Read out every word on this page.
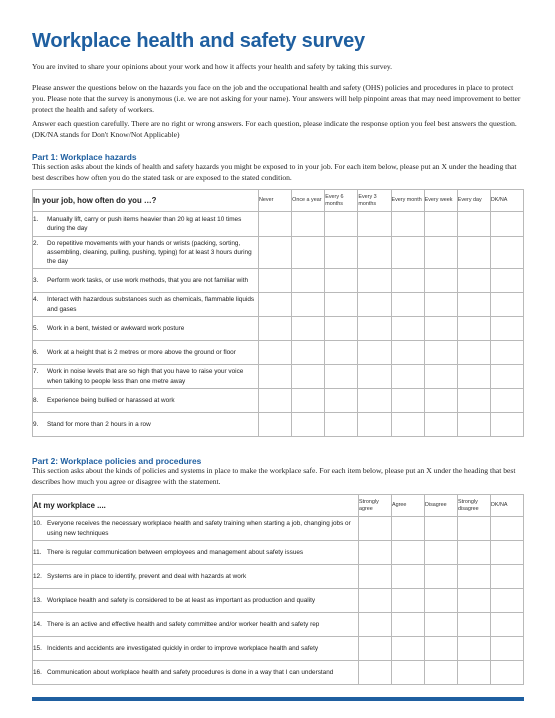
Workplace health and safety survey

You are invited to share your opinions about your work and how it affects your health and safety by taking this survey.

Please answer the questions below on the hazards you face on the job and the occupational health and safety (OHS) policies and procedures in place to protect you. Please note that the survey is anonymous (i.e. we are not asking for your name). Your answers will help pinpoint areas that may need improvement to better protect the health and safety of workers.

Answer each question carefully. There are no right or wrong answers. For each question, please indicate the response option you feel best answers the question. (DK/NA stands for Don't Know/Not Applicable)

Part 1: Workplace hazards

This section asks about the kinds of health and safety hazards you might be exposed to in your job. For each item below, please put an X under the heading that best describes how often you do the stated task or are exposed to the stated condition.

In your job, how often do you …?	Never	Once a year	Every 6 months	Every 3 months	Every month	Every week	Every day	DK/NA

1. Manually lift, carry or push items heavier than 20 kg at least 10 times during the day								

2. Do repetitive movements with your hands or wrists (packing, sorting, assembling, cleaning, pulling, pushing, typing) for at least 3 hours during the day								

3. Perform work tasks, or use work methods, that you are not familiar with								

4. Interact with hazardous substances such as chemicals, flammable liquids and gases								

5. Work in a bent, twisted or awkward work posture								

6. Work at a height that is 2 metres or more above the ground or floor								

7. Work in noise levels that are so high that you have to raise your voice when talking to people less than one metre away								

8. Experience being bullied or harassed at work								

9. Stand for more than 2 hours in a row								

Part 2: Workplace policies and procedures

This section asks about the kinds of policies and systems in place to make the workplace safe. For each item below, please put an X under the heading that best describes how much you agree or disagree with the statement.

At my workplace ....	Strongly agree	Agree	Disagree	Strongly disagree	DK/NA

10. Everyone receives the necessary workplace health and safety training when starting a job, changing jobs or using new techniques					

11. There is regular communication between employees and management about safety issues					

12. Systems are in place to identify, prevent and deal with hazards at work					

13. Workplace health and safety is considered to be at least as important as production and quality					

14. There is an active and effective health and safety committee and/or worker health and safety rep					

15. Incidents and accidents are investigated quickly in order to improve workplace health and safety					

16. Communication about workplace health and safety procedures is done in a way that I can understand					
